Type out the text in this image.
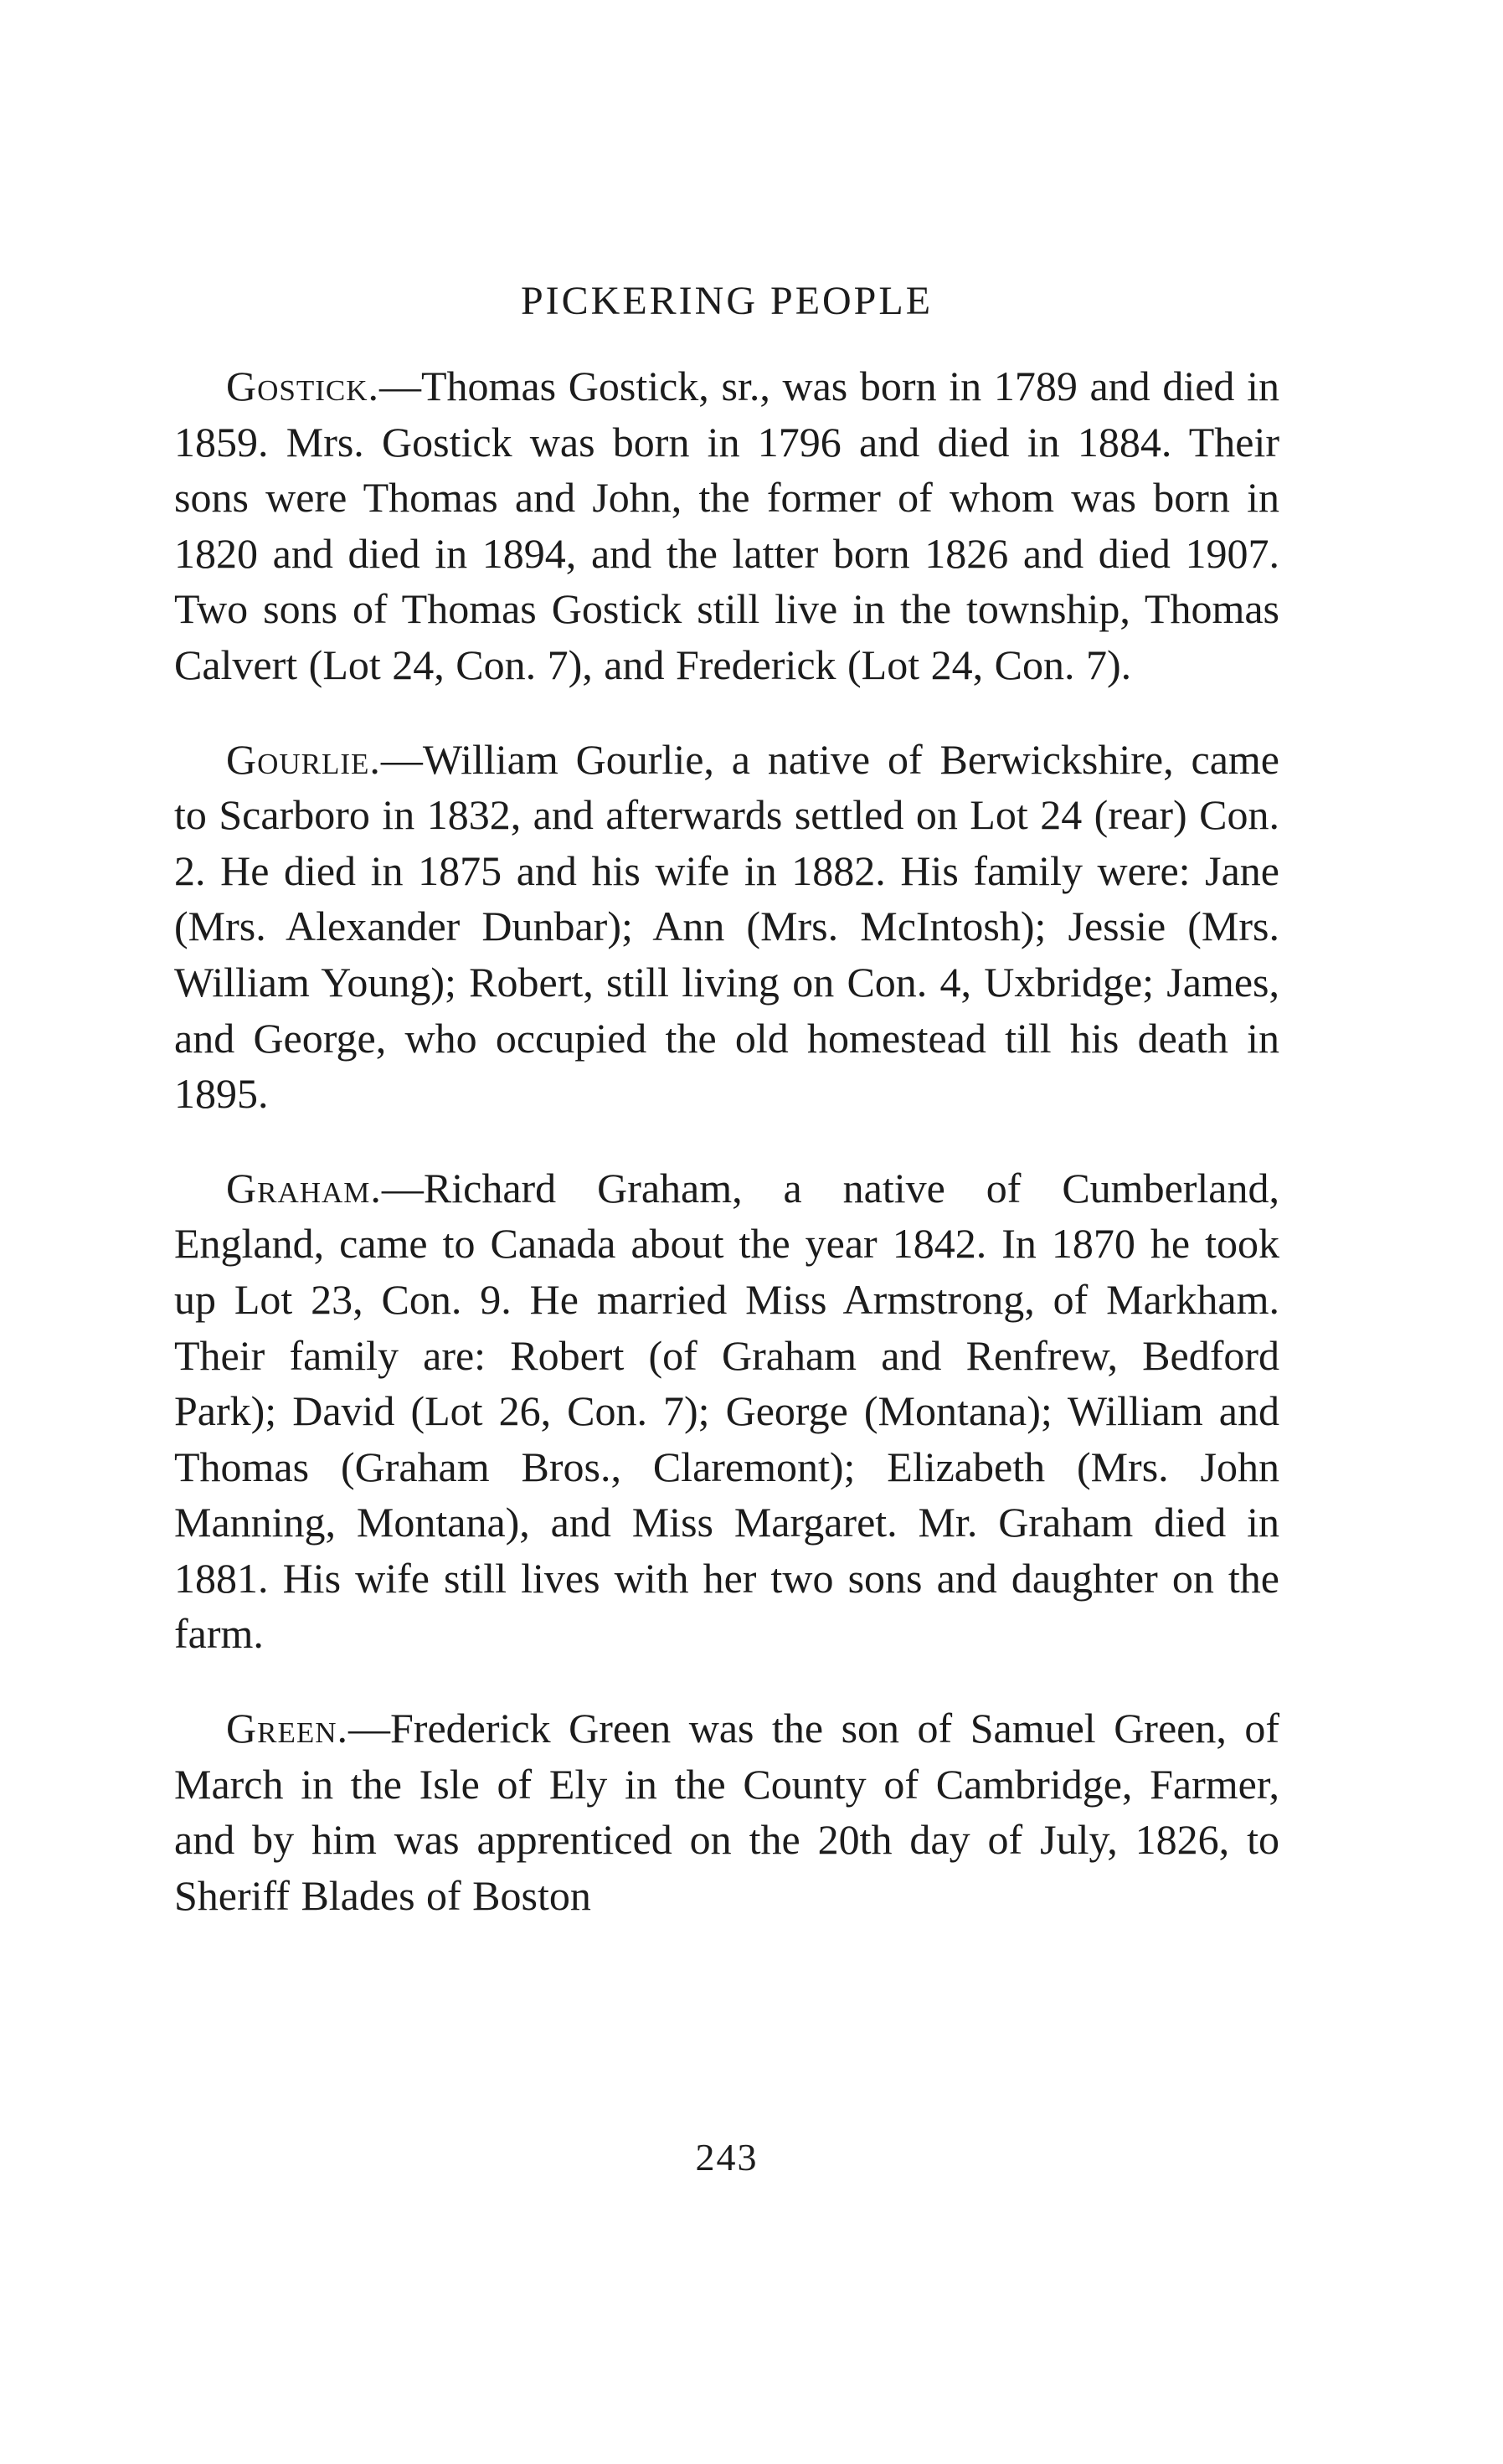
PICKERING PEOPLE

Gostick.—Thomas Gostick, sr., was born in 1789 and died in 1859. Mrs. Gostick was born in 1796 and died in 1884. Their sons were Thomas and John, the former of whom was born in 1820 and died in 1894, and the latter born 1826 and died 1907. Two sons of Thomas Gostick still live in the township, Thomas Calvert (Lot 24, Con. 7), and Frederick (Lot 24, Con. 7).

Gourlie.—William Gourlie, a native of Berwickshire, came to Scarboro in 1832, and afterwards settled on Lot 24 (rear) Con. 2. He died in 1875 and his wife in 1882. His family were: Jane (Mrs. Alexander Dunbar); Ann (Mrs. McIntosh); Jessie (Mrs. William Young); Robert, still living on Con. 4, Uxbridge; James, and George, who occupied the old homestead till his death in 1895.

Graham.—Richard Graham, a native of Cumberland, England, came to Canada about the year 1842. In 1870 he took up Lot 23, Con. 9. He married Miss Armstrong, of Markham. Their family are: Robert (of Graham and Renfrew, Bedford Park); David (Lot 26, Con. 7); George (Montana); William and Thomas (Graham Bros., Claremont); Elizabeth (Mrs. John Manning, Montana), and Miss Margaret. Mr. Graham died in 1881. His wife still lives with her two sons and daughter on the farm.

Green.—Frederick Green was the son of Samuel Green, of March in the Isle of Ely in the County of Cambridge, Farmer, and by him was apprenticed on the 20th day of July, 1826, to Sheriff Blades of Boston

243
